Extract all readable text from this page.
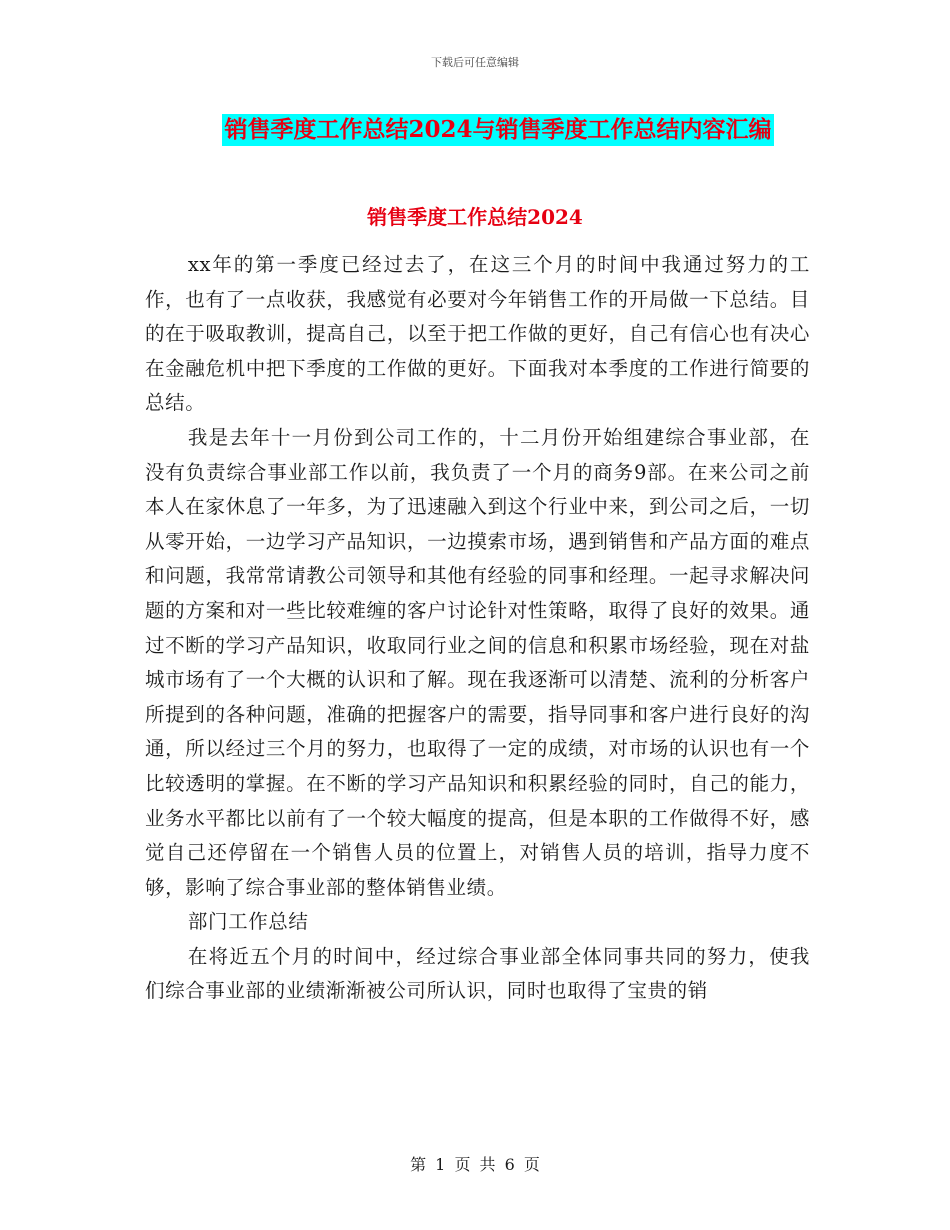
下载后可任意编辑
销售季度工作总结2024与销售季度工作总结内容汇编
销售季度工作总结2024

xx年的第一季度已经过去了，在这三个月的时间中我通过努力的工作，也有了一点收获，我感觉有必要对今年销售工作的开局做一下总结。目的在于吸取教训，提高自己，以至于把工作做的更好，自己有信心也有决心在金融危机中把下季度的工作做的更好。下面我对本季度的工作进行简要的总结。

我是去年十一月份到公司工作的，十二月份开始组建综合事业部，在没有负责综合事业部工作以前，我负责了一个月的商务9部。在来公司之前本人在家休息了一年多，为了迅速融入到这个行业中来，到公司之后，一切从零开始，一边学习产品知识，一边摸索市场，遇到销售和产品方面的难点和问题，我常常请教公司领导和其他有经验的同事和经理。一起寻求解决问题的方案和对一些比较难缠的客户讨论针对性策略，取得了良好的效果。通过不断的学习产品知识，收取同行业之间的信息和积累市场经验，现在对盐城市场有了一个大概的认识和了解。现在我逐渐可以清楚、流利的分析客户所提到的各种问题，准确的把握客户的需要，指导同事和客户进行良好的沟通，所以经过三个月的努力，也取得了一定的成绩，对市场的认识也有一个比较透明的掌握。在不断的学习产品知识和积累经验的同时，自己的能力，业务水平都比以前有了一个较大幅度的提高，但是本职的工作做得不好，感觉自己还停留在一个销售人员的位置上，对销售人员的培训，指导力度不够，影响了综合事业部的整体销售业绩。

部门工作总结

在将近五个月的时间中，经过综合事业部全体同事共同的努力，使我们综合事业部的业绩渐渐被公司所认识，同时也取得了宝贵的销

第 1 页 共 6 页
